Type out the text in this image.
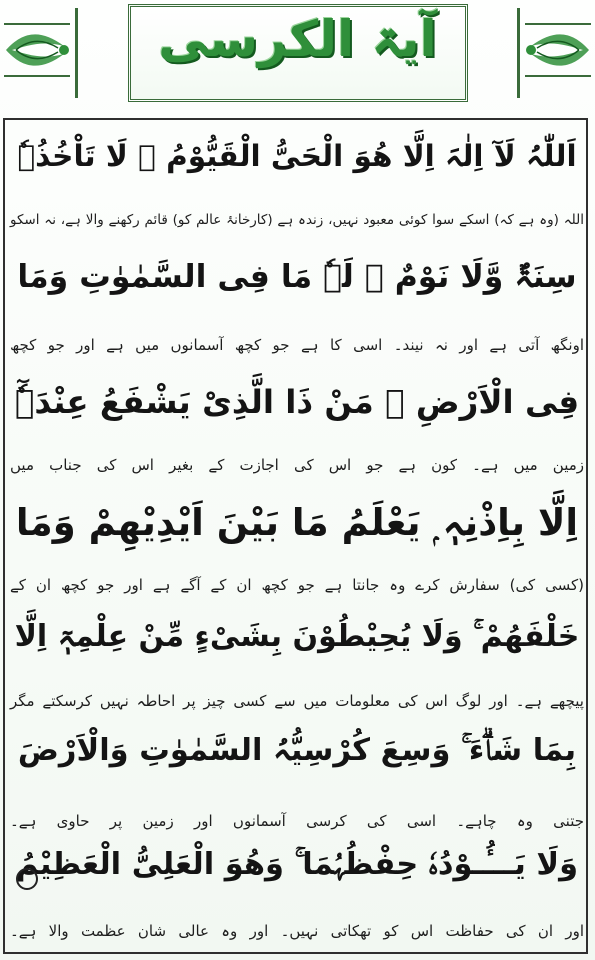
آیۃ الکرسی
اَللّٰہُ لَآ اِلٰہَ اِلَّا ھُوَ الْحَیُّ الْقَیُّوْمُ ۚ لَا تَاْخُذُہٗ
اللہ (وہ ہے کہ) اسکے سوا کوئی معبود نہیں، زندہ ہے (کارخانۂ عالم کو) قائم رکھنے والا ہے، نہ اسکو
سِنَۃٌ وَّلَا نَوْمٌ ۭ لَہٗ مَا فِی السَّمٰوٰتِ وَمَا
اونگھ آتی ہے اور نہ نیند۔ اسی کا ہے جو کچھ آسمانوں میں ہے اور جو کچھ
فِی الْاَرْضِ ۭ مَنْ ذَا الَّذِیْ یَشْفَعُ عِنْدَہٗٓ
زمین میں ہے۔ کون ہے جو اس کی اجازت کے بغیر اس کی جناب میں
اِلَّا بِاِذْنِہٖ ۭ یَعْلَمُ مَا بَیْنَ اَیْدِیْھِمْ وَمَا
(کسی کی) سفارش کرے وہ جانتا ہے جو کچھ ان کے آگے ہے اور جو کچھ ان کے
خَلْفَھُمْ ۚ وَلَا یُحِیْطُوْنَ بِشَیْءٍ مِّنْ عِلْمِہٖٓ اِلَّا
پیچھے ہے۔ اور لوگ اس کی معلومات میں سے کسی چیز پر احاطہ نہیں کرسکتے مگر
بِمَا شَاۗءَ ۚ وَسِعَ کُرْسِیُّہُ السَّمٰوٰتِ وَالْاَرْضَ
جتنی وہ چاہے۔ اسی کی کرسی آسمانوں اور زمین پر حاوی ہے۔
وَلَا یَـــُٔـوْدُہٗ حِفْظُہُمَا ۚ وَھُوَ الْعَلِیُّ الْعَظِیْمُ
اور ان کی حفاظت اس کو تھکاتی نہیں۔ اور وہ عالی شان عظمت والا ہے۔
